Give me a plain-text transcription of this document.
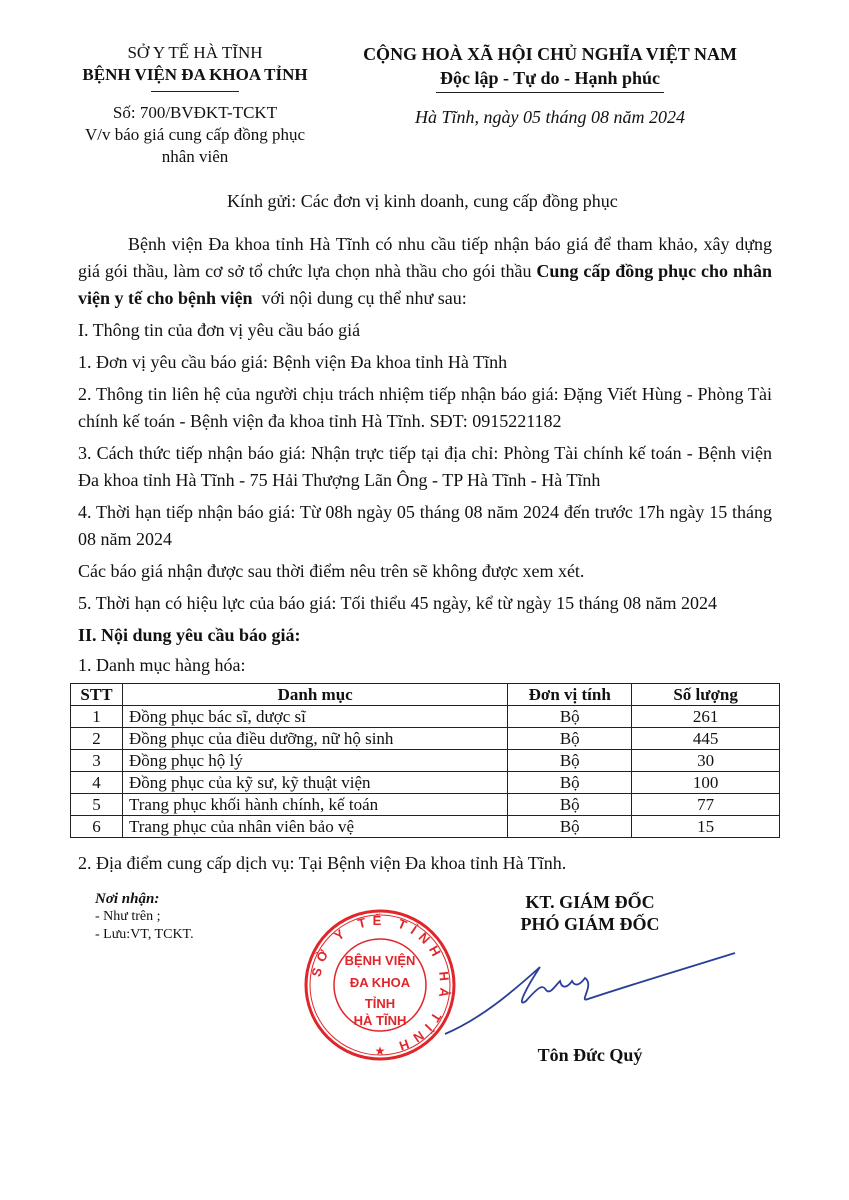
SỞ Y TẾ HÀ TĨNH
BỆNH VIỆN ĐA KHOA TỈNH
Số: 700/BVĐKT-TCKT
V/v báo giá cung cấp đồng phục
nhân viên
CỘNG HOÀ XÃ HỘI CHỦ NGHĨA VIỆT NAM
Độc lập - Tự do - Hạnh phúc
Hà Tĩnh, ngày 05 tháng 08 năm 2024
Kính gửi: Các đơn vị kinh doanh, cung cấp đồng phục

Bệnh viện Đa khoa tỉnh Hà Tĩnh có nhu cầu tiếp nhận báo giá để tham khảo, xây dựng giá gói thầu, làm cơ sở tổ chức lựa chọn nhà thầu cho gói thầu Cung cấp đồng phục cho nhân viện y tế cho bệnh viện  với nội dung cụ thể như sau:

I. Thông tin của đơn vị yêu cầu báo giá

1. Đơn vị yêu cầu báo giá: Bệnh viện Đa khoa tỉnh Hà Tĩnh

2. Thông tin liên hệ của người chịu trách nhiệm tiếp nhận báo giá: Đặng Viết Hùng - Phòng Tài chính kế toán - Bệnh viện đa khoa tỉnh Hà Tĩnh. SĐT: 0915221182

3. Cách thức tiếp nhận báo giá: Nhận trực tiếp tại địa chỉ: Phòng Tài chính kế toán - Bệnh viện Đa khoa tỉnh Hà Tĩnh - 75 Hải Thượng Lãn Ông - TP Hà Tĩnh - Hà Tĩnh

4. Thời hạn tiếp nhận báo giá: Từ 08h ngày 05 tháng 08 năm 2024 đến trước 17h ngày 15 tháng 08 năm 2024

Các báo giá nhận được sau thời điểm nêu trên sẽ không được xem xét.

5. Thời hạn có hiệu lực của báo giá: Tối thiểu 45 ngày, kể từ ngày 15 tháng 08 năm 2024

II. Nội dung yêu cầu báo giá:

1. Danh mục hàng hóa:

STT	Danh mục	Đơn vị tính	Số lượng
1	Đồng phục bác sĩ, dược sĩ	Bộ	261
2	Đồng phục của điều dưỡng, nữ hộ sinh	Bộ	445
3	Đồng phục hộ lý	Bộ	30
4	Đồng phục của kỹ sư, kỹ thuật viện	Bộ	100
5	Trang phục khối hành chính, kế toán	Bộ	77
6	Trang phục của nhân viên bảo vệ	Bộ	15

2. Địa điểm cung cấp dịch vụ: Tại Bệnh viện Đa khoa tỉnh Hà Tĩnh.

Nơi nhận:
- Như trên ;
- Lưu:VT, TCKT.
SỞ Y TẾ TỈNH HÀ TĨNH
BỆNH VIỆN
ĐA KHOA
TỈNH
HÀ TĨNH
★
KT. GIÁM ĐỐC
PHÓ GIÁM ĐỐC
Tôn Đức Quý
